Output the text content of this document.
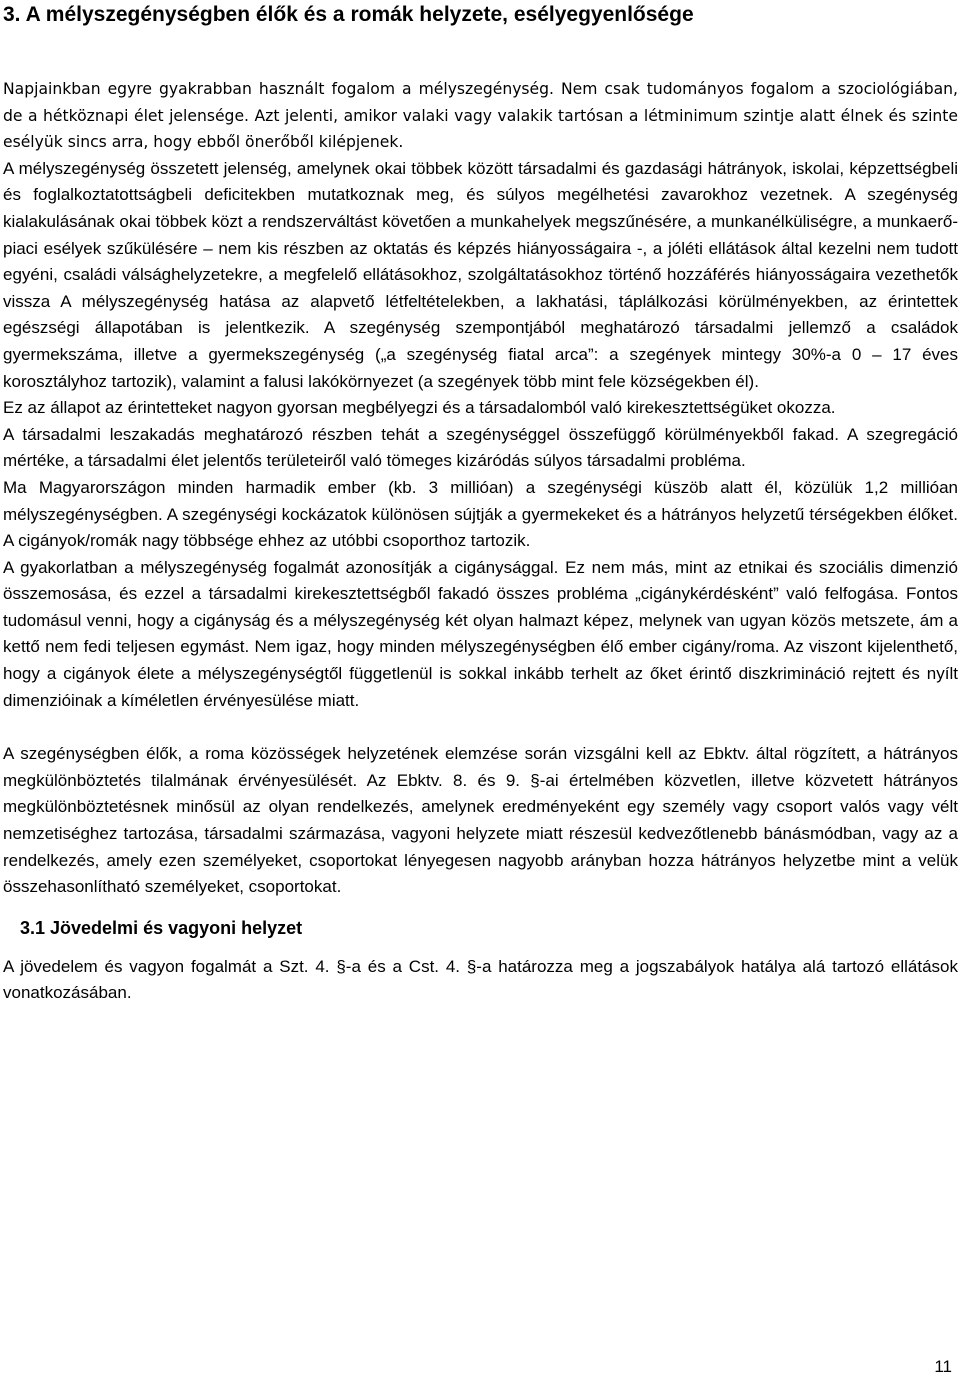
3. A mélyszegénységben élők és a romák helyzete, esélyegyenlősége

Napjainkban egyre gyakrabban használt fogalom a mélyszegénység. Nem csak tudományos fogalom a szociológiában, de a hétköznapi élet jelensége. Azt jelenti, amikor valaki vagy valakik tartósan a létminimum szintje alatt élnek és szinte esélyük sincs arra, hogy ebből önerőből kilépjenek.

A mélyszegénység összetett jelenség, amelynek okai többek között társadalmi és gazdasági hátrányok, iskolai, képzettségbeli és foglalkoztatottságbeli deficitekben mutatkoznak meg, és súlyos megélhetési zavarokhoz vezetnek. A szegénység kialakulásának okai többek közt a rendszerváltást követően a munkahelyek megszűnésére, a munkanélküliségre, a munkaerő-piaci esélyek szűkülésére – nem kis részben az oktatás és képzés hiányosságaira -, a jóléti ellátások által kezelni nem tudott egyéni, családi válsághelyzetekre, a megfelelő ellátásokhoz, szolgáltatásokhoz történő hozzáférés hiányosságaira vezethetők vissza A mélyszegénység hatása az alapvető létfeltételekben, a lakhatási, táplálkozási körülményekben, az érintettek egészségi állapotában is jelentkezik. A szegénység szempontjából meghatározó társadalmi jellemző a családok gyermekszáma, illetve a gyermekszegénység („a szegénység fiatal arca”: a szegények mintegy 30%-a 0 – 17 éves korosztályhoz tartozik), valamint a falusi lakókörnyezet (a szegények több mint fele községekben él).

Ez az állapot az érintetteket nagyon gyorsan megbélyegzi és a társadalomból való kirekesztettségüket okozza.

A társadalmi leszakadás meghatározó részben tehát a szegénységgel összefüggő körülményekből fakad. A szegregáció mértéke, a társadalmi élet jelentős területeiről való tömeges kizáródás súlyos társadalmi probléma.

Ma Magyarországon minden harmadik ember (kb. 3 millióan) a szegénységi küszöb alatt él, közülük 1,2 millióan mélyszegénységben. A szegénységi kockázatok különösen sújtják a gyermekeket és a hátrányos helyzetű térségekben élőket. A cigányok/romák nagy többsége ehhez az utóbbi csoporthoz tartozik.

A gyakorlatban a mélyszegénység fogalmát azonosítják a cigánysággal. Ez nem más, mint az etnikai és szociális dimenzió összemosása, és ezzel a társadalmi kirekesztettségből fakadó összes probléma „cigánykérdésként” való felfogása. Fontos tudomásul venni, hogy a cigányság és a mélyszegénység két olyan halmazt képez, melynek van ugyan közös metszete, ám a kettő nem fedi teljesen egymást. Nem igaz, hogy minden mélyszegénységben élő ember cigány/roma. Az viszont kijelenthető, hogy a cigányok élete a mélyszegénységtől függetlenül is sokkal inkább terhelt az őket érintő diszkrimináció rejtett és nyílt dimenzióinak a kíméletlen érvényesülése miatt.

A szegénységben élők, a roma közösségek helyzetének elemzése során vizsgálni kell az Ebktv. által rögzített, a hátrányos megkülönböztetés tilalmának érvényesülését. Az Ebktv. 8. és 9. §-ai értelmében közvetlen, illetve közvetett hátrányos megkülönböztetésnek minősül az olyan rendelkezés, amelynek eredményeként egy személy vagy csoport valós vagy vélt nemzetiséghez tartozása, társadalmi származása, vagyoni helyzete miatt részesül kedvezőtlenebb bánásmódban, vagy az a rendelkezés, amely ezen személyeket, csoportokat lényegesen nagyobb arányban hozza hátrányos helyzetbe mint a velük összehasonlítható személyeket, csoportokat.

3.1 Jövedelmi és vagyoni helyzet

A jövedelem és vagyon fogalmát a Szt. 4. §-a és a Cst. 4. §-a határozza meg a jogszabályok hatálya alá tartozó ellátások vonatkozásában.

11
